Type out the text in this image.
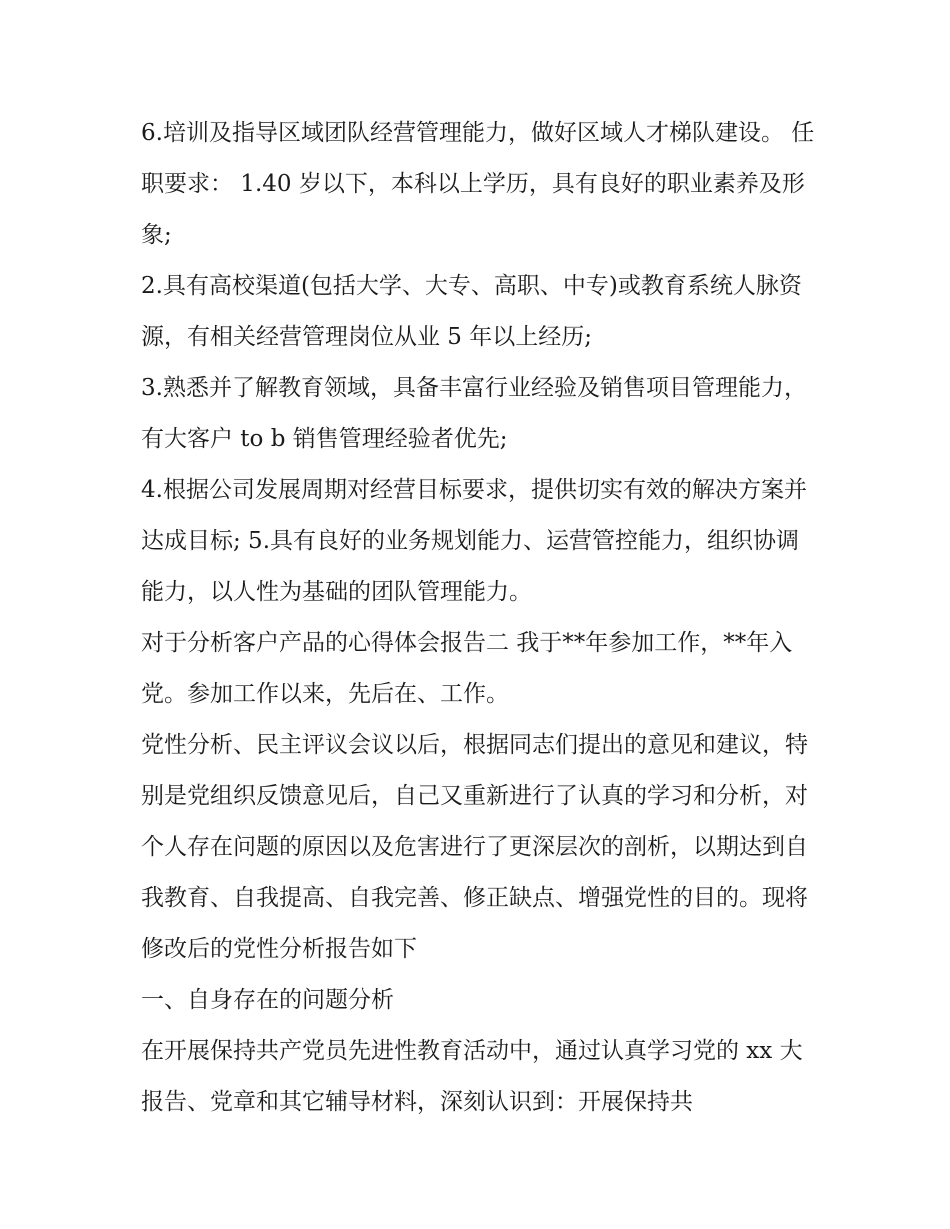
6.培训及指导区域团队经营管理能力，做好区域人才梯队建设。 任职要求： 1.40 岁以下，本科以上学历，具有良好的职业素养及形象;

2.具有高校渠道(包括大学、大专、高职、中专)或教育系统人脉资源，有相关经营管理岗位从业 5 年以上经历;

3.熟悉并了解教育领域，具备丰富行业经验及销售项目管理能力，有大客户 to b 销售管理经验者优先;

4.根据公司发展周期对经营目标要求，提供切实有效的解决方案并达成目标; 5.具有良好的业务规划能力、运营管控能力，组织协调能力，以人性为基础的团队管理能力。

对于分析客户产品的心得体会报告二 我于**年参加工作，**年入党。参加工作以来，先后在、工作。

党性分析、民主评议会议以后，根据同志们提出的意见和建议，特别是党组织反馈意见后，自己又重新进行了认真的学习和分析，对个人存在问题的原因以及危害进行了更深层次的剖析，以期达到自我教育、自我提高、自我完善、修正缺点、增强党性的目的。现将修改后的党性分析报告如下

一、自身存在的问题分析

在开展保持共产党员先进性教育活动中，通过认真学习党的 xx 大报告、党章和其它辅导材料，深刻认识到：开展保持共
